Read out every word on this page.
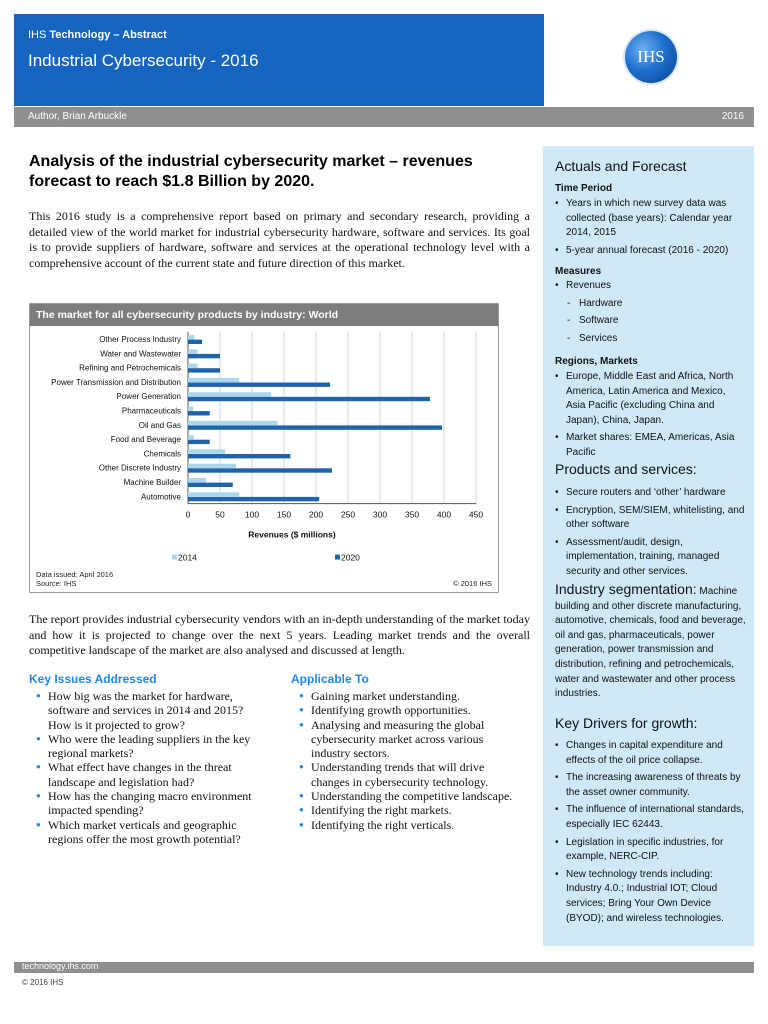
IHS Technology – Abstract
Industrial Cybersecurity - 2016	IHS
Author, Brian Arbuckle	2016
Analysis of the industrial cybersecurity market – revenues forecast to reach $1.8 Billion by 2020.

This 2016 study is a comprehensive report based on primary and secondary research, providing a detailed view of the world market for industrial cybersecurity hardware, software and services. Its goal is to provide suppliers of hardware, software and services at the operational technology level with a comprehensive account of the current state and future direction of this market.

The market for all cybersecurity products by industry: World
0	50 100 150 200 250 300 350 400 450
Other Process Industry
Water and Wastewater
Refining and Petrochemicals
Power Transmission and Distribution
Power Generation
Pharmaceuticals
Oil and Gas
Food and Beverage
Chemicals
Other Discrete Industry
Machine Builder
Automotive
Revenues ($ millions)
2014	2020
Data issued: April 2016
Source: IHS	© 2016 IHS

The report provides industrial cybersecurity vendors with an in-depth understanding of the market today and how it is projected to change over the next 5 years. Leading market trends and the overall competitive landscape of the market are also analysed and discussed at length.

Key Issues Addressed
● How big was the market for hardware, software and services in 2014 and 2015? How is it projected to grow?
● Who were the leading suppliers in the key regional markets?
● What effect have changes in the threat landscape and legislation had?
● How has the changing macro environment impacted spending?
● Which market verticals and geographic regions offer the most growth potential?
Applicable To
● Gaining market understanding.
● Identifying growth opportunities.
● Analysing and measuring the global cybersecurity market across various industry sectors.
● Understanding trends that will drive changes in cybersecurity technology.
● Understanding the competitive landscape.
● Identifying the right markets.
● Identifying the right verticals.
Actuals and Forecast
Time Period
• Years in which new survey data was collected (base years): Calendar year 2014, 2015
• 5-year annual forecast (2016 - 2020)
Measures
• Revenues
- Hardware
- Software
- Services
Regions, Markets
• Europe, Middle East and Africa, North America, Latin America and Mexico, Asia Pacific (excluding China and Japan), China, Japan.
• Market shares: EMEA, Americas, Asia Pacific
Products and services:
• Secure routers and ‘other’ hardware
• Encryption, SEM/SIEM, whitelisting, and other software
• Assessment/audit, design, implementation, training, managed security and other services.
Industry segmentation: Machine building and other discrete manufacturing, automotive, chemicals, food and beverage, oil and gas, pharmaceuticals, power generation, power transmission and distribution, refining and petrochemicals, water and wastewater and other process industries.
Key Drivers for growth:
• Changes in capital expenditure and effects of the oil price collapse.
• The increasing awareness of threats by the asset owner community.
• The influence of international standards, especially IEC 62443.
• Legislation in specific industries, for example, NERC-CIP.
• New technology trends including: Industry 4.0.; Industrial IOT; Cloud services; Bring Your Own Device (BYOD); and wireless technologies.
technology.ihs.com
© 2016 IHS
